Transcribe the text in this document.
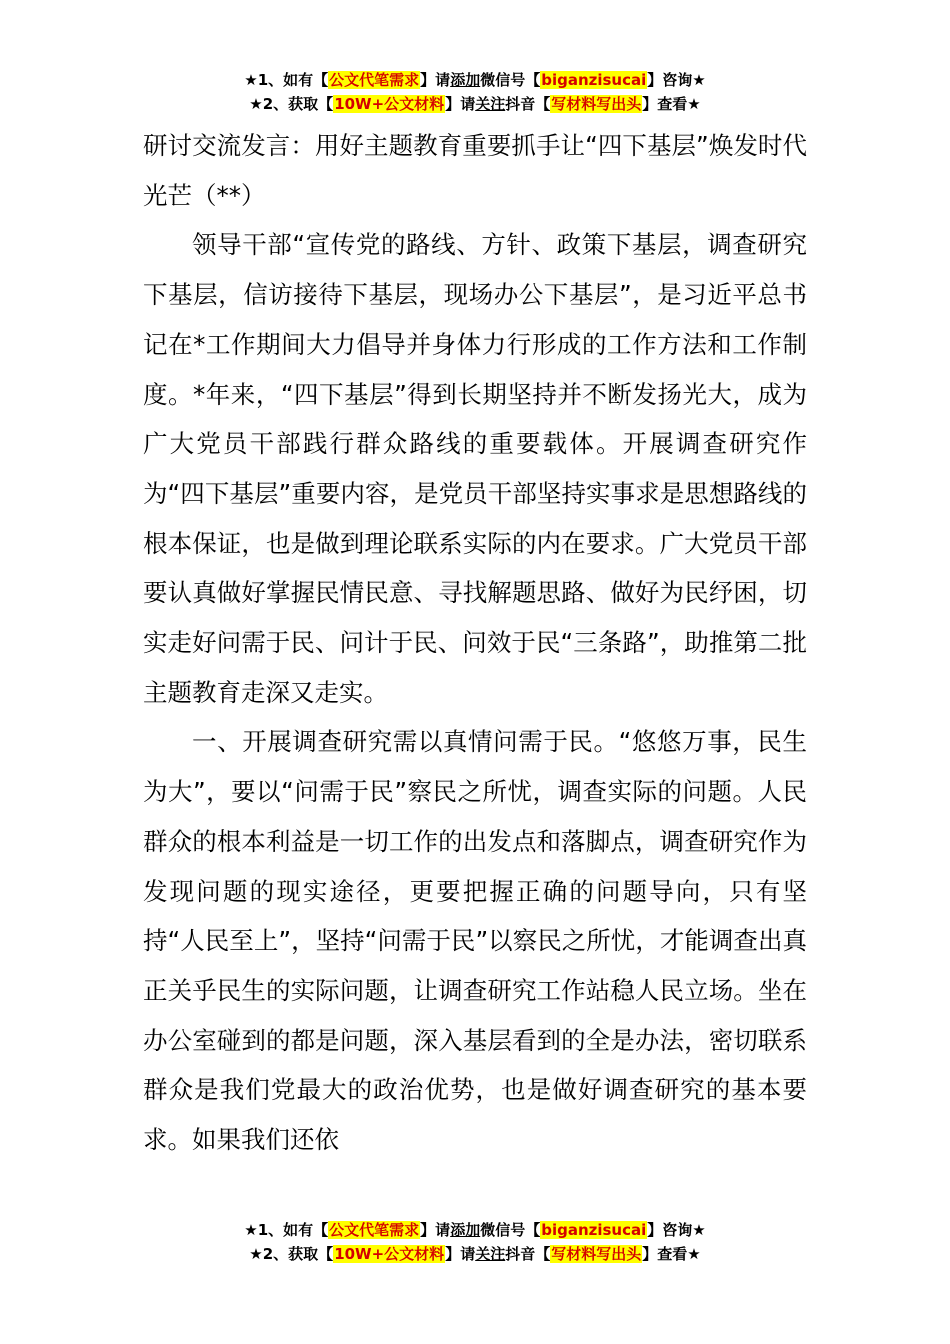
★1、如有【公文代笔需求】请添加微信号【biganzisucai】咨询★
★2、获取【10W+公文材料】请关注抖音【写材料写出头】查看★

研讨交流发言：用好主题教育重要抓手让“四下基层”焕发时代光芒（**）

领导干部“宣传党的路线、方针、政策下基层，调查研究下基层，信访接待下基层，现场办公下基层”，是习近平总书记在*工作期间大力倡导并身体力行形成的工作方法和工作制度。*年来，“四下基层”得到长期坚持并不断发扬光大，成为广大党员干部践行群众路线的重要载体。开展调查研究作为“四下基层”重要内容，是党员干部坚持实事求是思想路线的根本保证，也是做到理论联系实际的内在要求。广大党员干部要认真做好掌握民情民意、寻找解题思路、做好为民纾困，切实走好问需于民、问计于民、问效于民“三条路”，助推第二批主题教育走深又走实。

一、开展调查研究需以真情问需于民。“悠悠万事，民生为大”，要以“问需于民”察民之所忧，调查实际的问题。人民群众的根本利益是一切工作的出发点和落脚点，调查研究作为发现问题的现实途径，更要把握正确的问题导向，只有坚持“人民至上”，坚持“问需于民”以察民之所忧，才能调查出真正关乎民生的实际问题，让调查研究工作站稳人民立场。坐在办公室碰到的都是问题，深入基层看到的全是办法，密切联系群众是我们党最大的政治优势，也是做好调查研究的基本要求。如果我们还依

★1、如有【公文代笔需求】请添加微信号【biganzisucai】咨询★
★2、获取【10W+公文材料】请关注抖音【写材料写出头】查看★
